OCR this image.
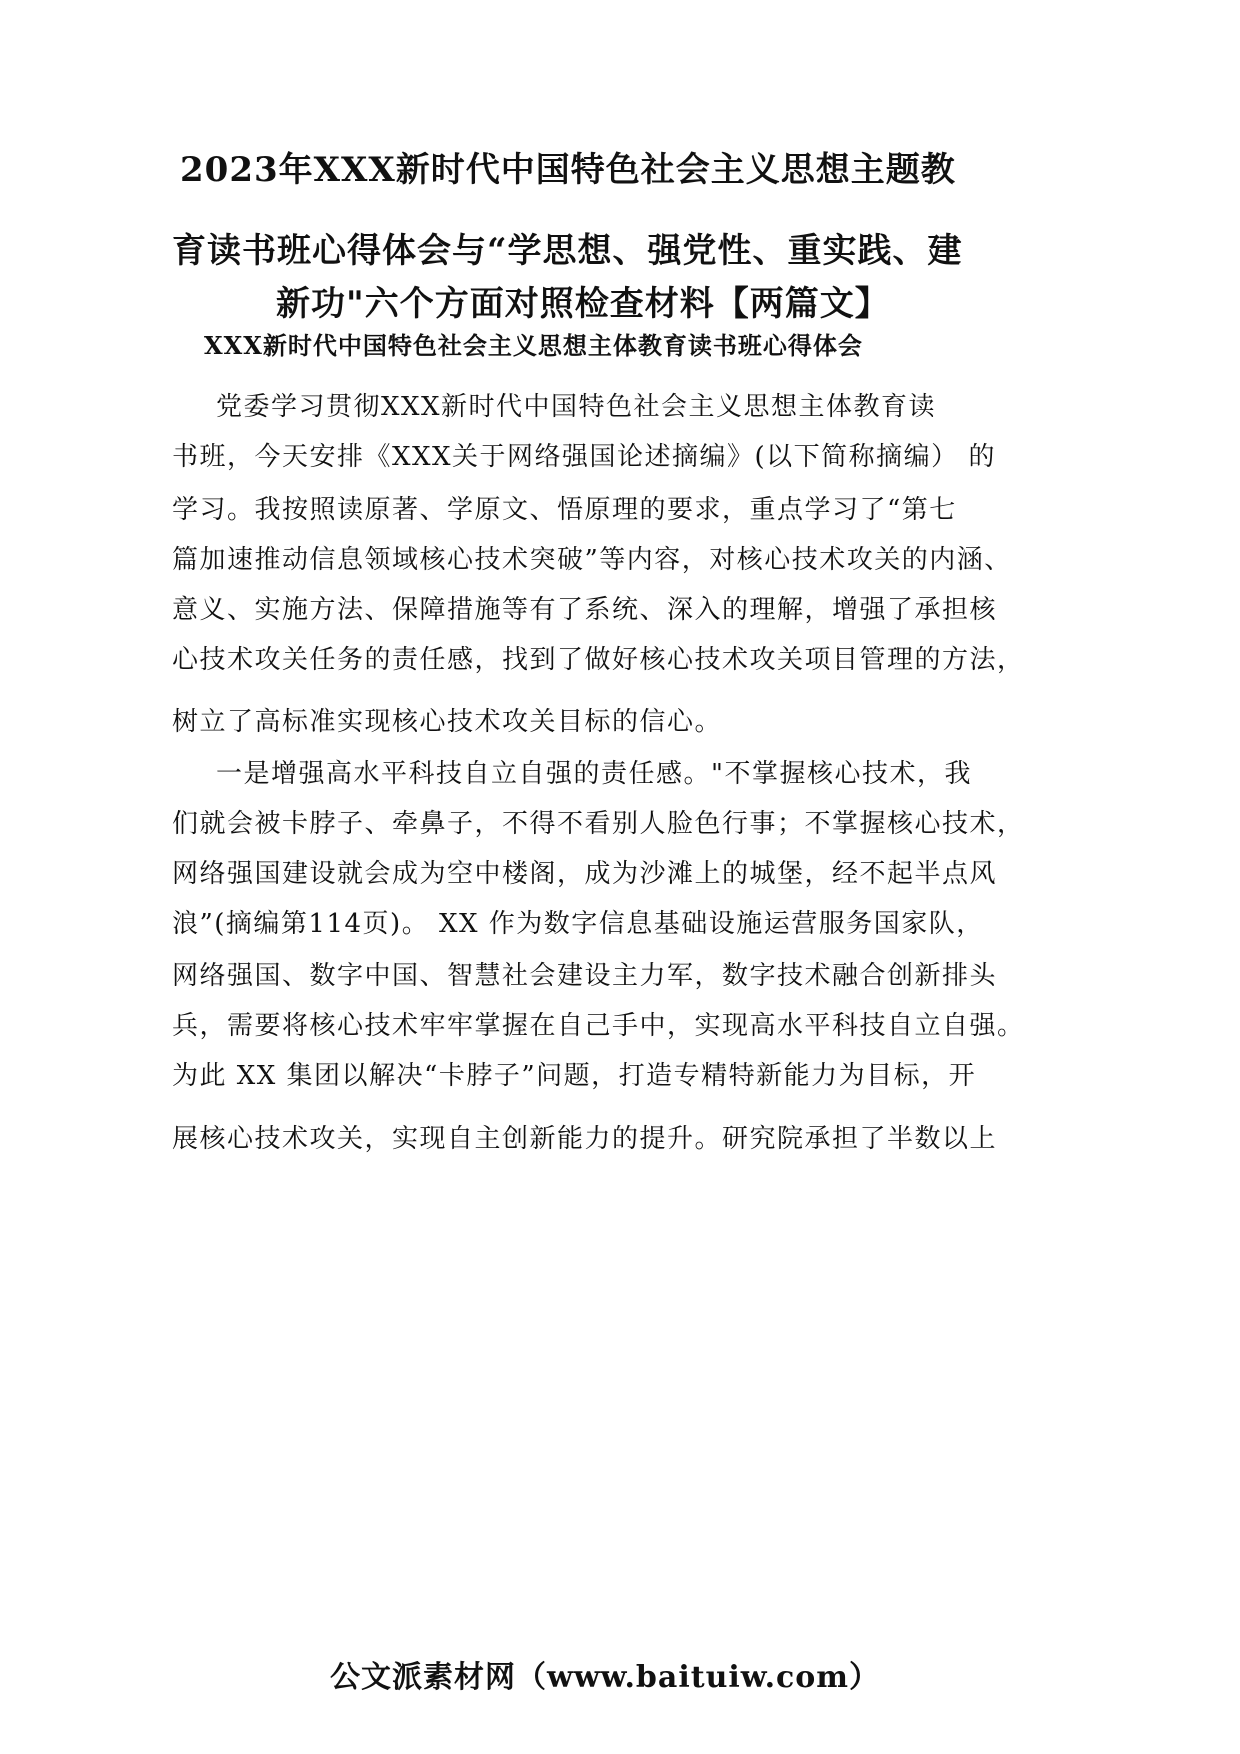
2023年XXX新时代中国特色社会主义思想主题教
育读书班心得体会与“学思想、强党性、重实践、建
新功"六个方面对照检查材料【两篇文】
XXX新时代中国特色社会主义思想主体教育读书班心得体会

党委学习贯彻XXX新时代中国特色社会主义思想主体教育读

书班，今天安排《XXX关于网络强国论述摘编》(以下简称摘编） 的

学习。我按照读原著、学原文、悟原理的要求，重点学习了“第七

篇加速推动信息领域核心技术突破”等内容，对核心技术攻关的内涵、

意义、实施方法、保障措施等有了系统、深入的理解，增强了承担核

心技术攻关任务的责任感，找到了做好核心技术攻关项目管理的方法，

树立了高标准实现核心技术攻关目标的信心。

一是增强高水平科技自立自强的责任感。"不掌握核心技术，我

们就会被卡脖子、牵鼻子，不得不看别人脸色行事；不掌握核心技术，

网络强国建设就会成为空中楼阁，成为沙滩上的城堡，经不起半点风

浪”(摘编第114页)。 XX 作为数字信息基础设施运营服务国家队，

网络强国、数字中国、智慧社会建设主力军，数字技术融合创新排头

兵，需要将核心技术牢牢掌握在自己手中，实现高水平科技自立自强。

为此 XX 集团以解决“卡脖子”问题，打造专精特新能力为目标，开

展核心技术攻关，实现自主创新能力的提升。研究院承担了半数以上

公文派素材网（www.baituiw.com）
